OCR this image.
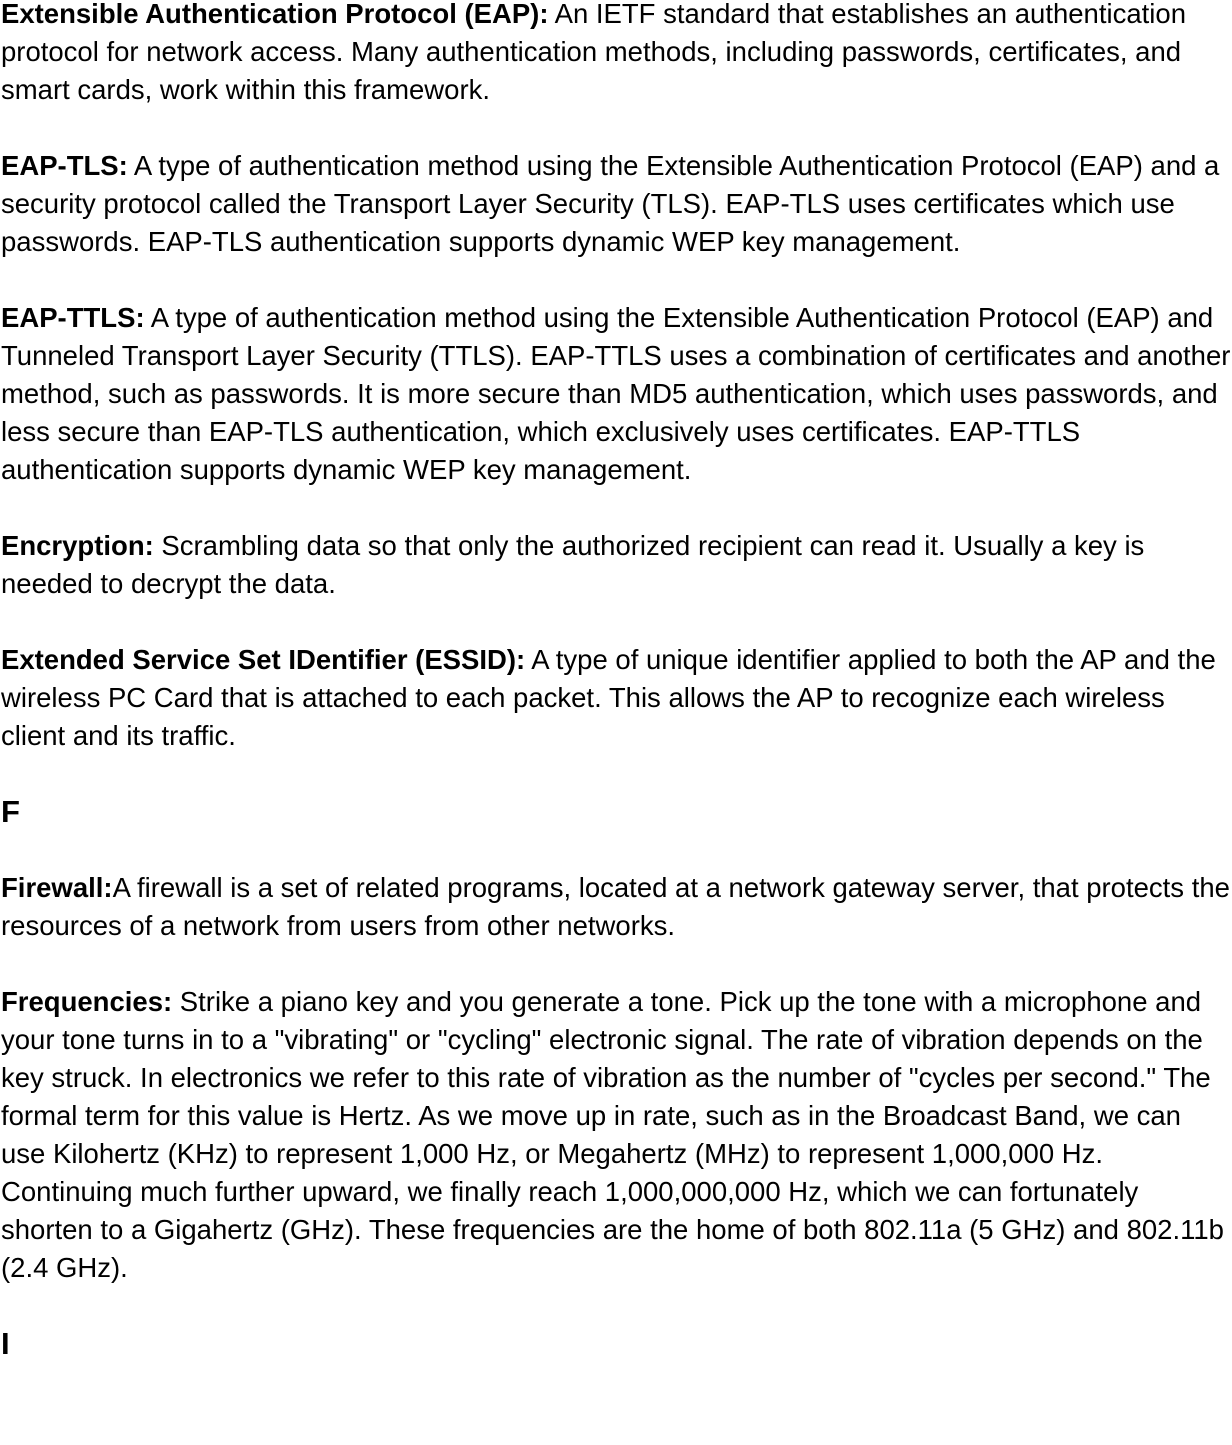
Extensible Authentication Protocol (EAP): An IETF standard that establishes an authentication protocol for network access. Many authentication methods, including passwords, certificates, and smart cards, work within this framework.

EAP-TLS: A type of authentication method using the Extensible Authentication Protocol (EAP) and a security protocol called the Transport Layer Security (TLS). EAP-TLS uses certificates which use passwords. EAP-TLS authentication supports dynamic WEP key management.

EAP-TTLS: A type of authentication method using the Extensible Authentication Protocol (EAP) and Tunneled Transport Layer Security (TTLS). EAP-TTLS uses a combination of certificates and another method, such as passwords. It is more secure than MD5 authentication, which uses passwords, and less secure than EAP-TLS authentication, which exclusively uses certificates. EAP-TTLS authentication supports dynamic WEP key management.

Encryption: Scrambling data so that only the authorized recipient can read it. Usually a key is needed to decrypt the data.

Extended Service Set IDentifier (ESSID): A type of unique identifier applied to both the AP and the wireless PC Card that is attached to each packet. This allows the AP to recognize each wireless client and its traffic.

F

Firewall:A firewall is a set of related programs, located at a network gateway server, that protects the resources of a network from users from other networks.

Frequencies: Strike a piano key and you generate a tone. Pick up the tone with a microphone and your tone turns in to a "vibrating" or "cycling" electronic signal. The rate of vibration depends on the key struck. In electronics we refer to this rate of vibration as the number of "cycles per second." The formal term for this value is Hertz. As we move up in rate, such as in the Broadcast Band, we can use Kilohertz (KHz) to represent 1,000 Hz, or Megahertz (MHz) to represent 1,000,000 Hz. Continuing much further upward, we finally reach 1,000,000,000 Hz, which we can fortunately shorten to a Gigahertz (GHz). These frequencies are the home of both 802.11a (5 GHz) and 802.11b (2.4 GHz).

I
